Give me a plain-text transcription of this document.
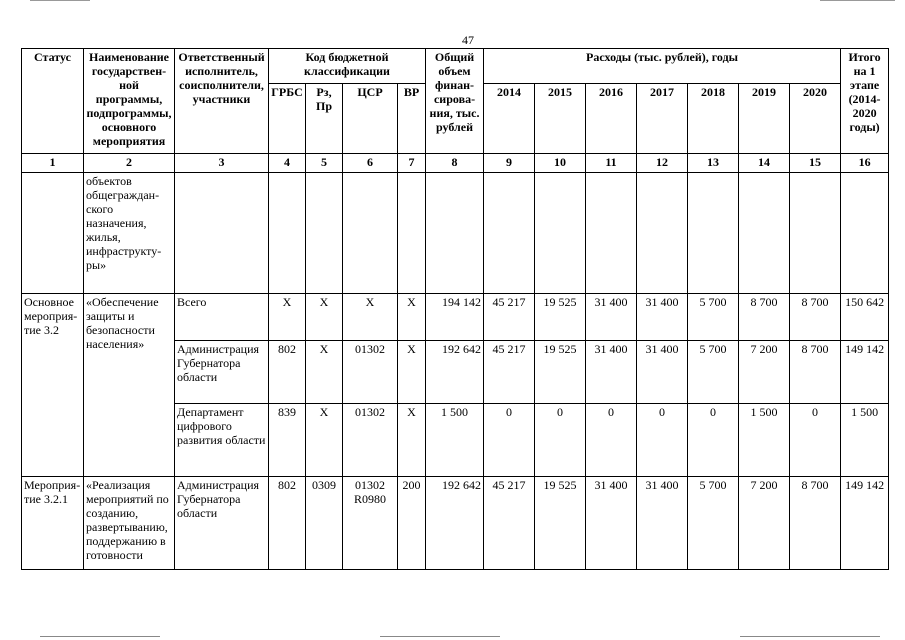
47
Статус	Наименование государствен-ной программы, подпрограммы, основного мероприятия	Ответственный исполнитель, соисполнители, участники	Код бюджетной классификации				Общий объем финан-сирова-ния, тыс. рублей	Расходы (тыс. рублей), годы							Итого на 1 этапе (2014-2020 годы)
			ГРБС	Рз, Пр	ЦСР	ВР		2014	2015	2016	2017	2018	2019	2020	
1	2	3	4	5	6	7	8	9	10	11	12	13	14	15	16
	объектов общеграждан-ского назначения, жилья, инфраструкту-ры»														
Основное мероприя-тие 3.2	«Обеспечение защиты и безопасности населения»	Всего	X	X	X	X	194 142	45 217	19 525	31 400	31 400	5 700	8 700	8 700	150 642
		Администрация Губернатора области	802	X	01302	X	192 642	45 217	19 525	31 400	31 400	5 700	7 200	8 700	149 142
		Департамент цифрового развития области	839	X	01302	X	1 500	0	0	0	0	0	1 500	0	1 500
Мероприя-тие 3.2.1	«Реализация мероприятий по созданию, развертыванию, поддержанию в готовности	Администрация Губернатора области	802	0309	01302 R0980	200	192 642	45 217	19 525	31 400	31 400	5 700	7 200	8 700	149 142
